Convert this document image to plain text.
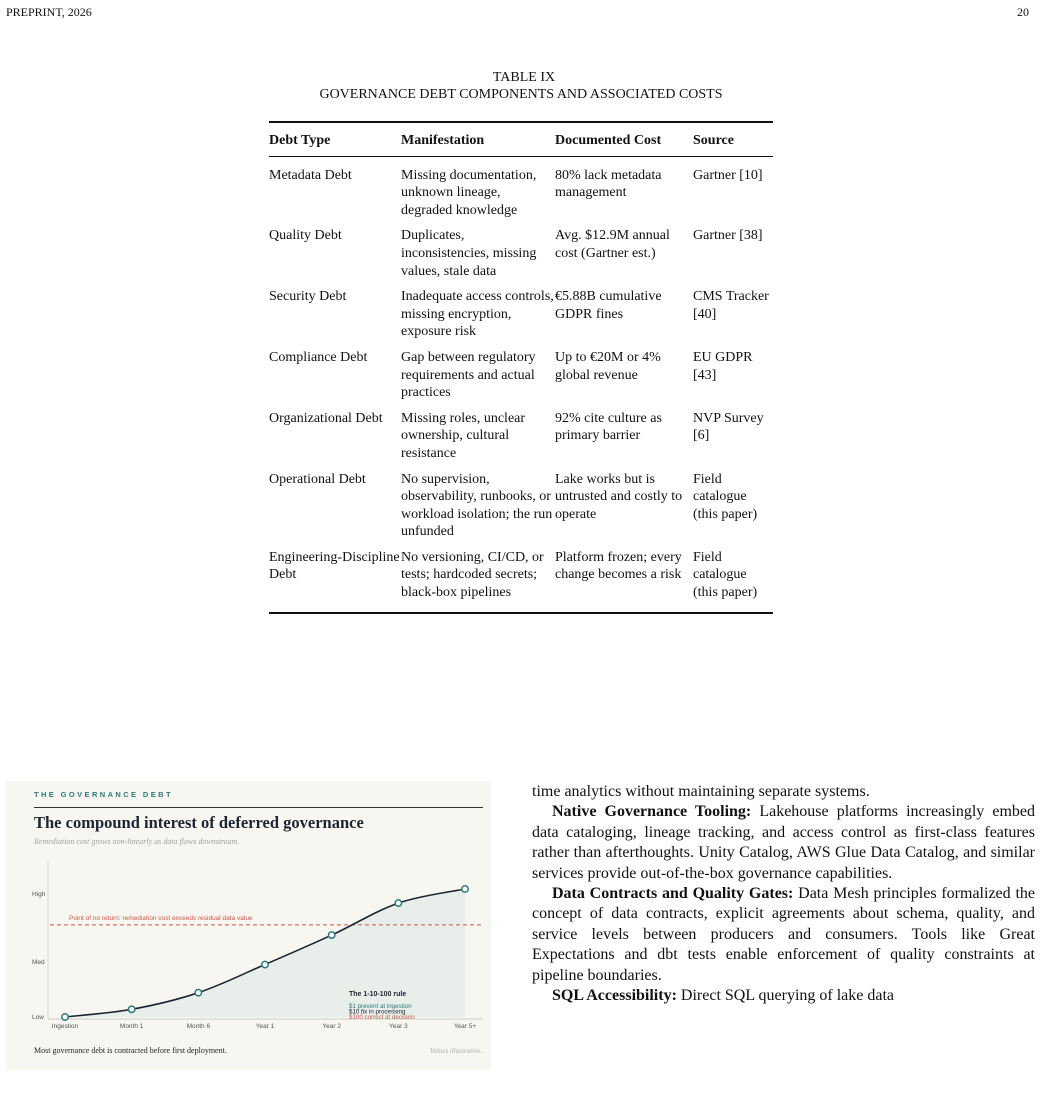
PREPRINT, 2026	20
TABLE IX
GOVERNANCE DEBT COMPONENTS AND ASSOCIATED COSTS
Debt Type	Manifestation	Documented Cost	Source
Metadata Debt	Missing documentation, unknown lineage, degraded knowledge	80% lack metadata management	Gartner [10]
Quality Debt	Duplicates, inconsistencies, missing values, stale data	Avg. $12.9M annual cost (Gartner est.)	Gartner [38]
Security Debt	Inadequate access controls, missing encryption, exposure risk	€5.88B cumulative GDPR fines	CMS Tracker [40]
Compliance Debt	Gap between regulatory requirements and actual practices	Up to €20M or 4% global revenue	EU GDPR [43]
Organizational Debt	Missing roles, unclear ownership, cultural resistance	92% cite culture as primary barrier	NVP Survey [6]
Operational Debt	No supervision, observability, runbooks, or workload isolation; the run unfunded	Lake works but is untrusted and costly to operate	Field catalogue (this paper)
Engineering-Discipline Debt	No versioning, CI/CD, or tests; hardcoded secrets; black-box pipelines	Platform frozen; every change becomes a risk	Field catalogue (this paper)
Point of no return: remediation cost exceeds residual data value
Low
Med
High
Ingestion	Month 1	Month 6	Year 1	Year 2	Year 3	Year 5+
The 1-10-100 rule
$1 prevent at ingestion
$10 fix in processing
$100 correct at decision
THE GOVERNANCE DEBT
The compound interest of deferred governance
Remediation cost grows non-linearly as data flows downstream.
Most governance debt is contracted before first deployment.	Values illustrative.

time analytics without maintaining separate systems.

Native Governance Tooling: Lakehouse platforms increasingly embed data cataloging, lineage tracking, and access control as first-class features rather than afterthoughts. Unity Catalog, AWS Glue Data Catalog, and similar services provide out-of-the-box governance capabilities.

Data Contracts and Quality Gates: Data Mesh principles formalized the concept of data contracts, explicit agreements about schema, quality, and service levels between producers and consumers. Tools like Great Expectations and dbt tests enable enforcement of quality constraints at pipeline boundaries.

SQL Accessibility: Direct SQL querying of lake data
